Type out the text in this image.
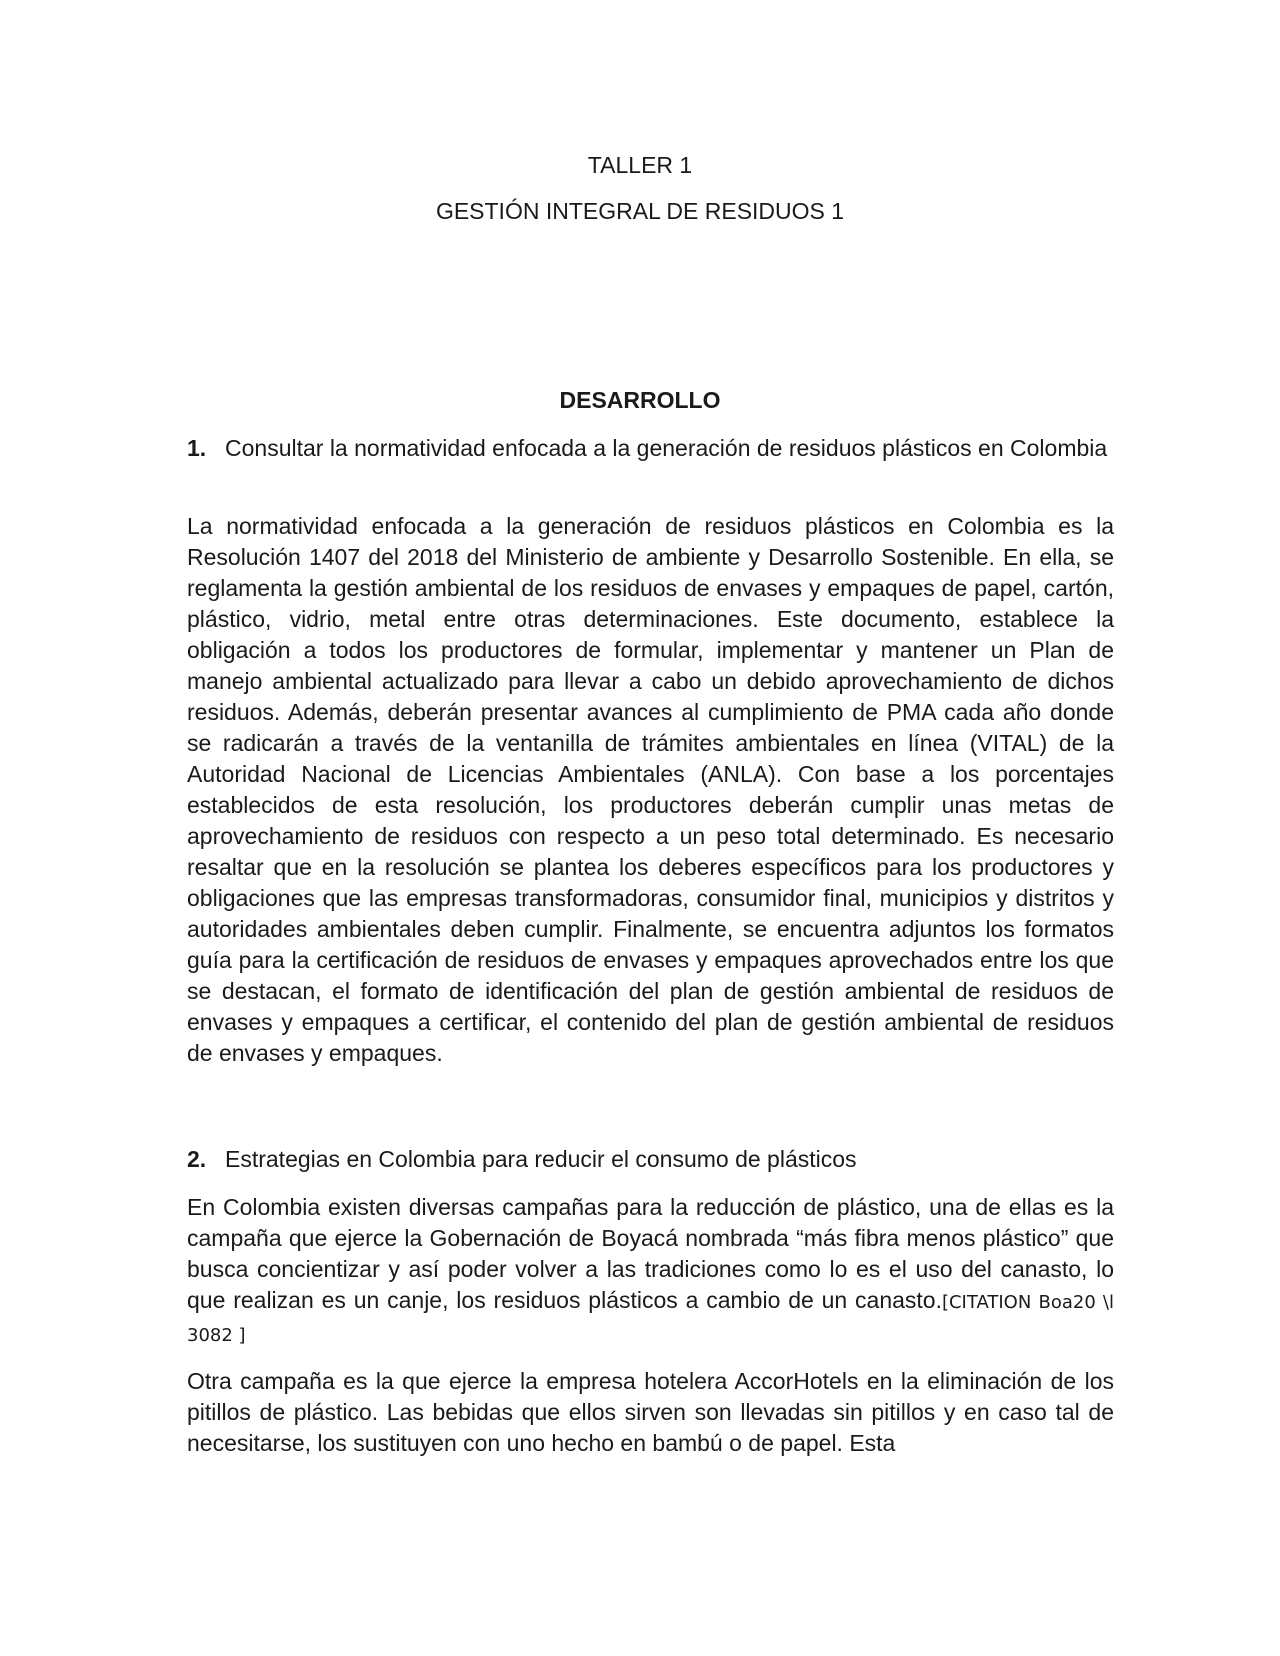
TALLER 1
GESTIÓN INTEGRAL DE RESIDUOS 1
DESARROLLO
1. Consultar la normatividad enfocada a la generación de residuos plásticos en Colombia

La normatividad enfocada a la generación de residuos plásticos en Colombia es la Resolución 1407 del 2018 del Ministerio de ambiente y Desarrollo Sostenible. En ella, se reglamenta la gestión ambiental de los residuos de envases y empaques de papel, cartón, plástico, vidrio, metal entre otras determinaciones. Este documento, establece la obligación a todos los productores de formular, implementar y mantener un Plan de manejo ambiental actualizado para llevar a cabo un debido aprovechamiento de dichos residuos. Además, deberán presentar avances al cumplimiento de PMA cada año donde se radicarán a través de la ventanilla de trámites ambientales en línea (VITAL) de la Autoridad Nacional de Licencias Ambientales (ANLA). Con base a los porcentajes establecidos de esta resolución, los productores deberán cumplir unas metas de aprovechamiento de residuos con respecto a un peso total determinado. Es necesario resaltar que en la resolución se plantea los deberes específicos para los productores y obligaciones que las empresas transformadoras, consumidor final, municipios y distritos y autoridades ambientales deben cumplir. Finalmente, se encuentra adjuntos los formatos guía para la certificación de residuos de envases y empaques aprovechados entre los que se destacan, el formato de identificación del plan de gestión ambiental de residuos de envases y empaques a certificar, el contenido del plan de gestión ambiental de residuos de envases y empaques.

2. Estrategias en Colombia para reducir el consumo de plásticos

En Colombia existen diversas campañas para la reducción de plástico, una de ellas es la campaña que ejerce la Gobernación de Boyacá nombrada “más fibra menos plástico” que busca concientizar y así poder volver a las tradiciones como lo es el uso del canasto, lo que realizan es un canje, los residuos plásticos a cambio de un canasto.[CITATION Boa20 \l 3082 ]

Otra campaña es la que ejerce la empresa hotelera AccorHotels en la eliminación de los pitillos de plástico. Las bebidas que ellos sirven son llevadas sin pitillos y en caso tal de necesitarse, los sustituyen con uno hecho en bambú o de papel. Esta
